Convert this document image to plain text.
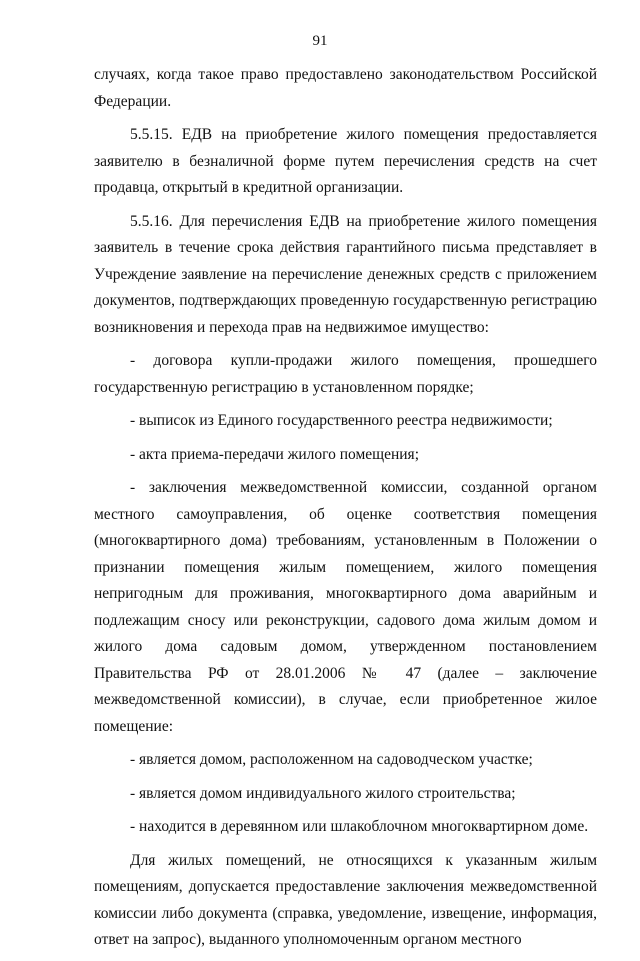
91

случаях, когда такое право предоставлено законодательством Российской Федерации.

5.5.15. ЕДВ на приобретение жилого помещения предоставляется заявителю в безналичной форме путем перечисления средств на счет продавца, открытый в кредитной организации.

5.5.16. Для перечисления ЕДВ на приобретение жилого помещения заявитель в течение срока действия гарантийного письма представляет в Учреждение заявление на перечисление денежных средств с приложением документов, подтверждающих проведенную государственную регистрацию возникновения и перехода прав на недвижимое имущество:

- договора купли-продажи жилого помещения, прошедшего государственную регистрацию в установленном порядке;

- выписок из Единого государственного реестра недвижимости;

- акта приема-передачи жилого помещения;

- заключения межведомственной комиссии, созданной органом местного самоуправления, об оценке соответствия помещения (многоквартирного дома) требованиям, установленным в Положении о признании помещения жилым помещением, жилого помещения непригодным для проживания, многоквартирного дома аварийным и подлежащим сносу или реконструкции, садового дома жилым домом и жилого дома садовым домом, утвержденном постановлением Правительства РФ от 28.01.2006 № 47 (далее – заключение межведомственной комиссии), в случае, если приобретенное жилое помещение:

- является домом, расположенном на садоводческом участке;

- является домом индивидуального жилого строительства;

- находится в деревянном или шлакоблочном многоквартирном доме.

Для жилых помещений, не относящихся к указанным жилым помещениям, допускается предоставление заключения межведомственной комиссии либо документа (справка, уведомление, извещение, информация, ответ на запрос), выданного уполномоченным органом местного
